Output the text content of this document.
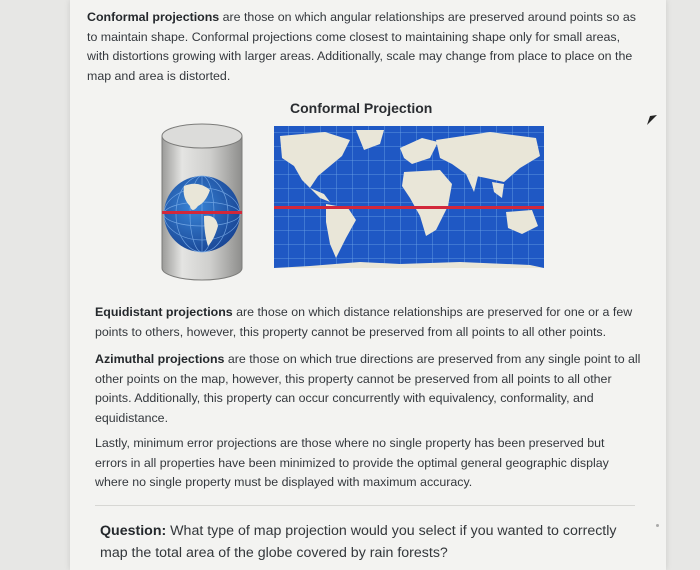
Conformal projections are those on which angular relationships are preserved around points so as to maintain shape. Conformal projections come closest to maintaining shape only for small areas, with distortions growing with larger areas. Additionally, scale may change from place to place on the map and area is distorted.

Conformal Projection

Equidistant projections are those on which distance relationships are preserved for one or a few points to others, however, this property cannot be preserved from all points to all other points.

Azimuthal projections are those on which true directions are preserved from any single point to all other points on the map, however, this property cannot be preserved from all points to all other points. Additionally, this property can occur concurrently with equivalency, conformality, and equidistance.

Lastly, minimum error projections are those where no single property has been preserved but errors in all properties have been minimized to provide the optimal general geographic display where no single property must be displayed with maximum accuracy.

Question: What type of map projection would you select if you wanted to correctly map the total area of the globe covered by rain forests?
